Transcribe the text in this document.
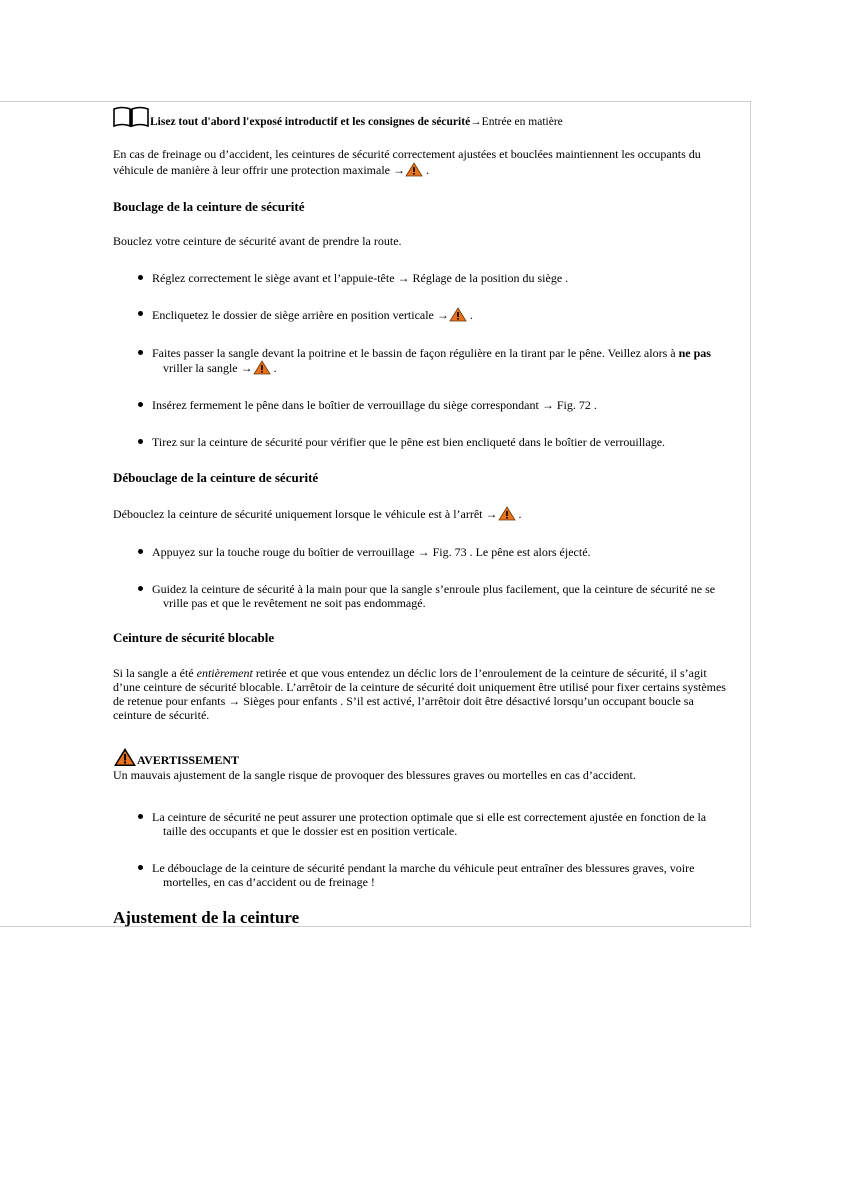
Lisez tout d'abord l'exposé introductif et les consignes de sécurité →Entrée en matière
En cas de freinage ou d’accident, les ceintures de sécurité correctement ajustées et bouclées maintiennent les occupants du
véhicule de manière à leur offrir une protection maximale → .
Bouclage de la ceinture de sécurité
Bouclez votre ceinture de sécurité avant de prendre la route.
Réglez correctement le siège avant et l’appuie-tête → Réglage de la position du siège .
Encliquetez le dossier de siège arrière en position verticale → .
Faites passer la sangle devant la poitrine et le bassin de façon régulière en la tirant par le pêne. Veillez alors à ne pas
vriller la sangle → .
Insérez fermement le pêne dans le boîtier de verrouillage du siège correspondant → Fig. 72 .
Tirez sur la ceinture de sécurité pour vérifier que le pêne est bien encliqueté dans le boîtier de verrouillage.
Débouclage de la ceinture de sécurité
Débouclez la ceinture de sécurité uniquement lorsque le véhicule est à l’arrêt → .
Appuyez sur la touche rouge du boîtier de verrouillage → Fig. 73 . Le pêne est alors éjecté.
Guidez la ceinture de sécurité à la main pour que la sangle s’enroule plus facilement, que la ceinture de sécurité ne se
vrille pas et que le revêtement ne soit pas endommagé.
Ceinture de sécurité blocable
Si la sangle a été entièrement retirée et que vous entendez un déclic lors de l’enroulement de la ceinture de sécurité, il s’agit
d’une ceinture de sécurité blocable. L’arrêtoir de la ceinture de sécurité doit uniquement être utilisé pour fixer certains systèmes
de retenue pour enfants → Sièges pour enfants . S’il est activé, l’arrêtoir doit être désactivé lorsqu’un occupant boucle sa
ceinture de sécurité.
AVERTISSEMENT
Un mauvais ajustement de la sangle risque de provoquer des blessures graves ou mortelles en cas d’accident.
La ceinture de sécurité ne peut assurer une protection optimale que si elle est correctement ajustée en fonction de la
taille des occupants et que le dossier est en position verticale.
Le débouclage de la ceinture de sécurité pendant la marche du véhicule peut entraîner des blessures graves, voire
mortelles, en cas d’accident ou de freinage !
Ajustement de la ceinture
